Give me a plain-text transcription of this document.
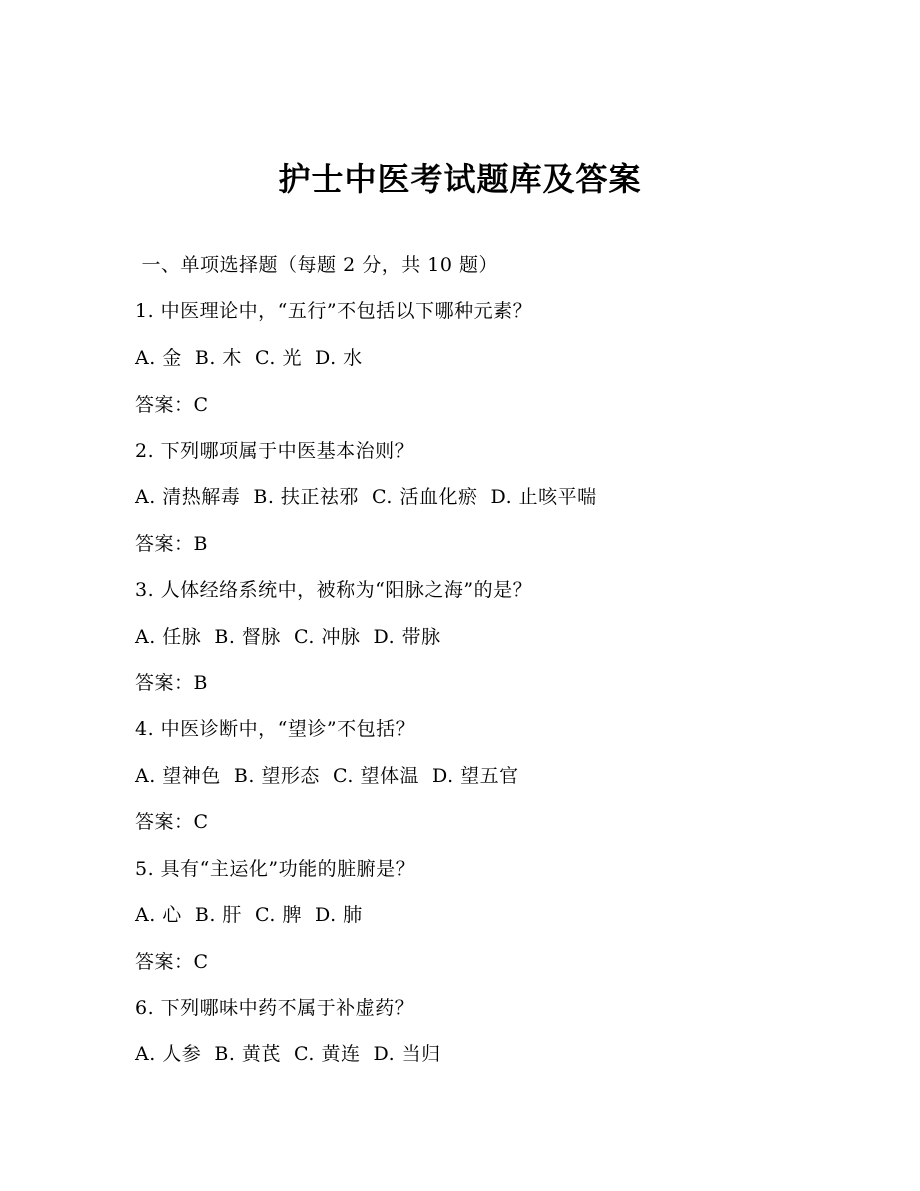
护士中医考试题库及答案
一、单项选择题（每题 2 分，共 10 题）
1. 中医理论中，“五行”不包括以下哪种元素？
A. 金  B. 木  C. 光  D. 水
答案：C
2. 下列哪项属于中医基本治则？
A. 清热解毒  B. 扶正祛邪  C. 活血化瘀  D. 止咳平喘
答案：B
3. 人体经络系统中，被称为“阳脉之海”的是？
A. 任脉  B. 督脉  C. 冲脉  D. 带脉
答案：B
4. 中医诊断中，“望诊”不包括？
A. 望神色  B. 望形态  C. 望体温  D. 望五官
答案：C
5. 具有“主运化”功能的脏腑是？
A. 心  B. 肝  C. 脾  D. 肺
答案：C
6. 下列哪味中药不属于补虚药？
A. 人参  B. 黄芪  C. 黄连  D. 当归
